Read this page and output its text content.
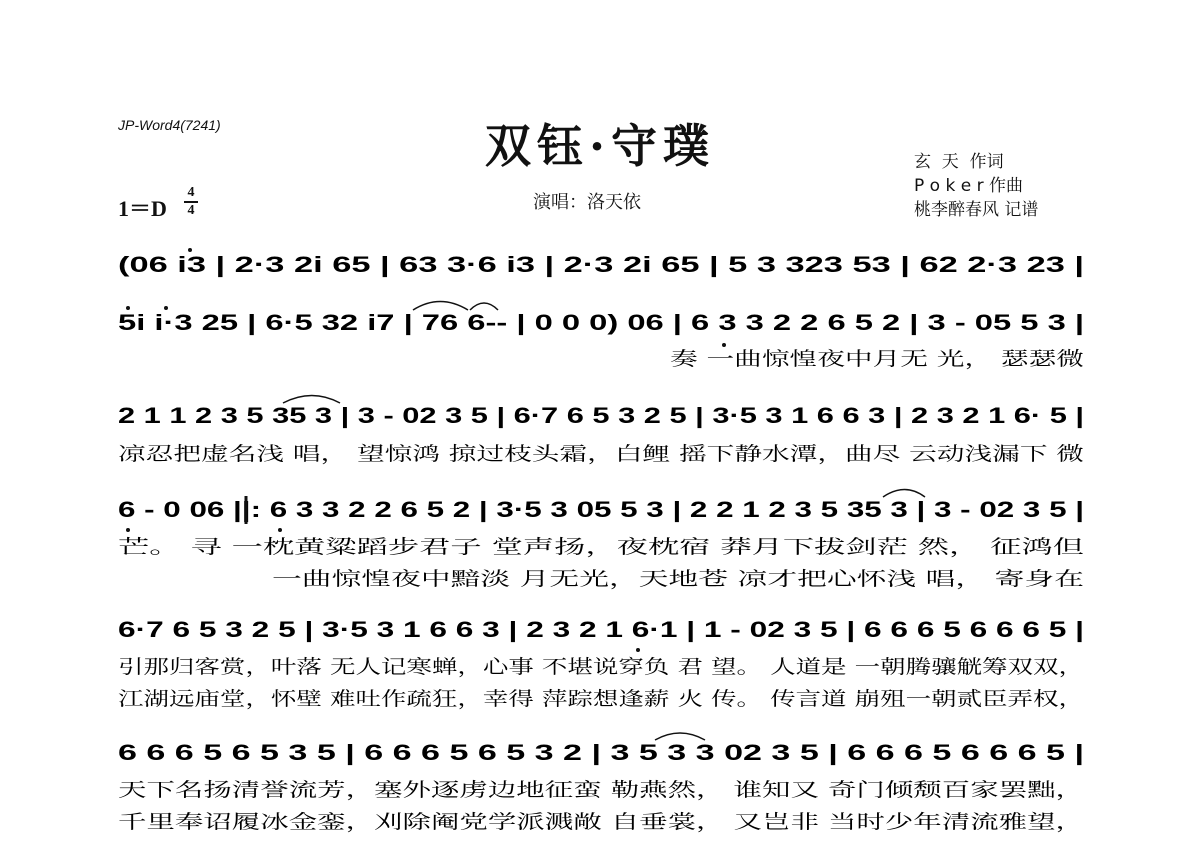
JP-Word4(7241)	双钰·守璞
演唱：洛天依
1＝D
4
4
玄  天 作词
P o k e r 作曲
桃李醉春风 记谱
(06 i3 | 2·3 2i 65 | 63 3·6 i3 | 2·3 2i 65 | 5 3 323 53 | 62 2·3 23 |
5i i·3 25 | 6·5 32 i7 | 76 6-- | 0 0 0) 06 | 6 3 3 2 2 6 5 2 | 3 - 05 5 3 |
奏 一曲惊惶夜中月无 光， 瑟瑟微
2 1 1 2 3 5 35 3 | 3 - 02 3 5 | 6·7 6 5 3 2 5 | 3·5 3 1 6 6 3 | 2 3 2 1 6· 5 |
凉忍把虚名浅 唱， 望惊鸿 掠过枝头霜，白鲤 摇下静水潭，曲尽 云动浅漏下 微
6 - 0 06 ||: 6 3 3 2 2 6 5 2 | 3·5 3 05 5 3 | 2 2 1 2 3 5 35 3 | 3 - 02 3 5 |
芒。 寻 一枕黄粱蹈步君子 堂声扬，夜枕宿 莽月下拔剑茫 然， 征鸿但
一曲惊惶夜中黯淡 月无光，天地苍 凉才把心怀浅 唱， 寄身在
6·7 6 5 3 2 5 | 3·5 3 1 6 6 3 | 2 3 2 1 6·1 | 1 - 02 3 5 | 6 6 6 5 6 6 6 5 |
引那归客赏，叶落 无人记寒蝉，心事 不堪说穿负 君 望。 人道是 一朝腾骧觥筹双双，
江湖远庙堂，怀壁 难吐作疏狂，幸得 萍踪想逢薪 火 传。 传言道 崩殂一朝贰臣弄权，
6 6 6 5 6 5 3 5 | 6 6 6 5 6 5 3 2 | 3 5 3 3 02 3 5 | 6 6 6 5 6 6 6 5 |
天下名扬清誉流芳，塞外逐虏边地征蛮 勒燕然， 谁知又 奇门倾颓百家罢黜，
千里奉诏履冰金銮，刈除阉党学派溅敞 自垂裳， 又岂非 当时少年清流雅望，
